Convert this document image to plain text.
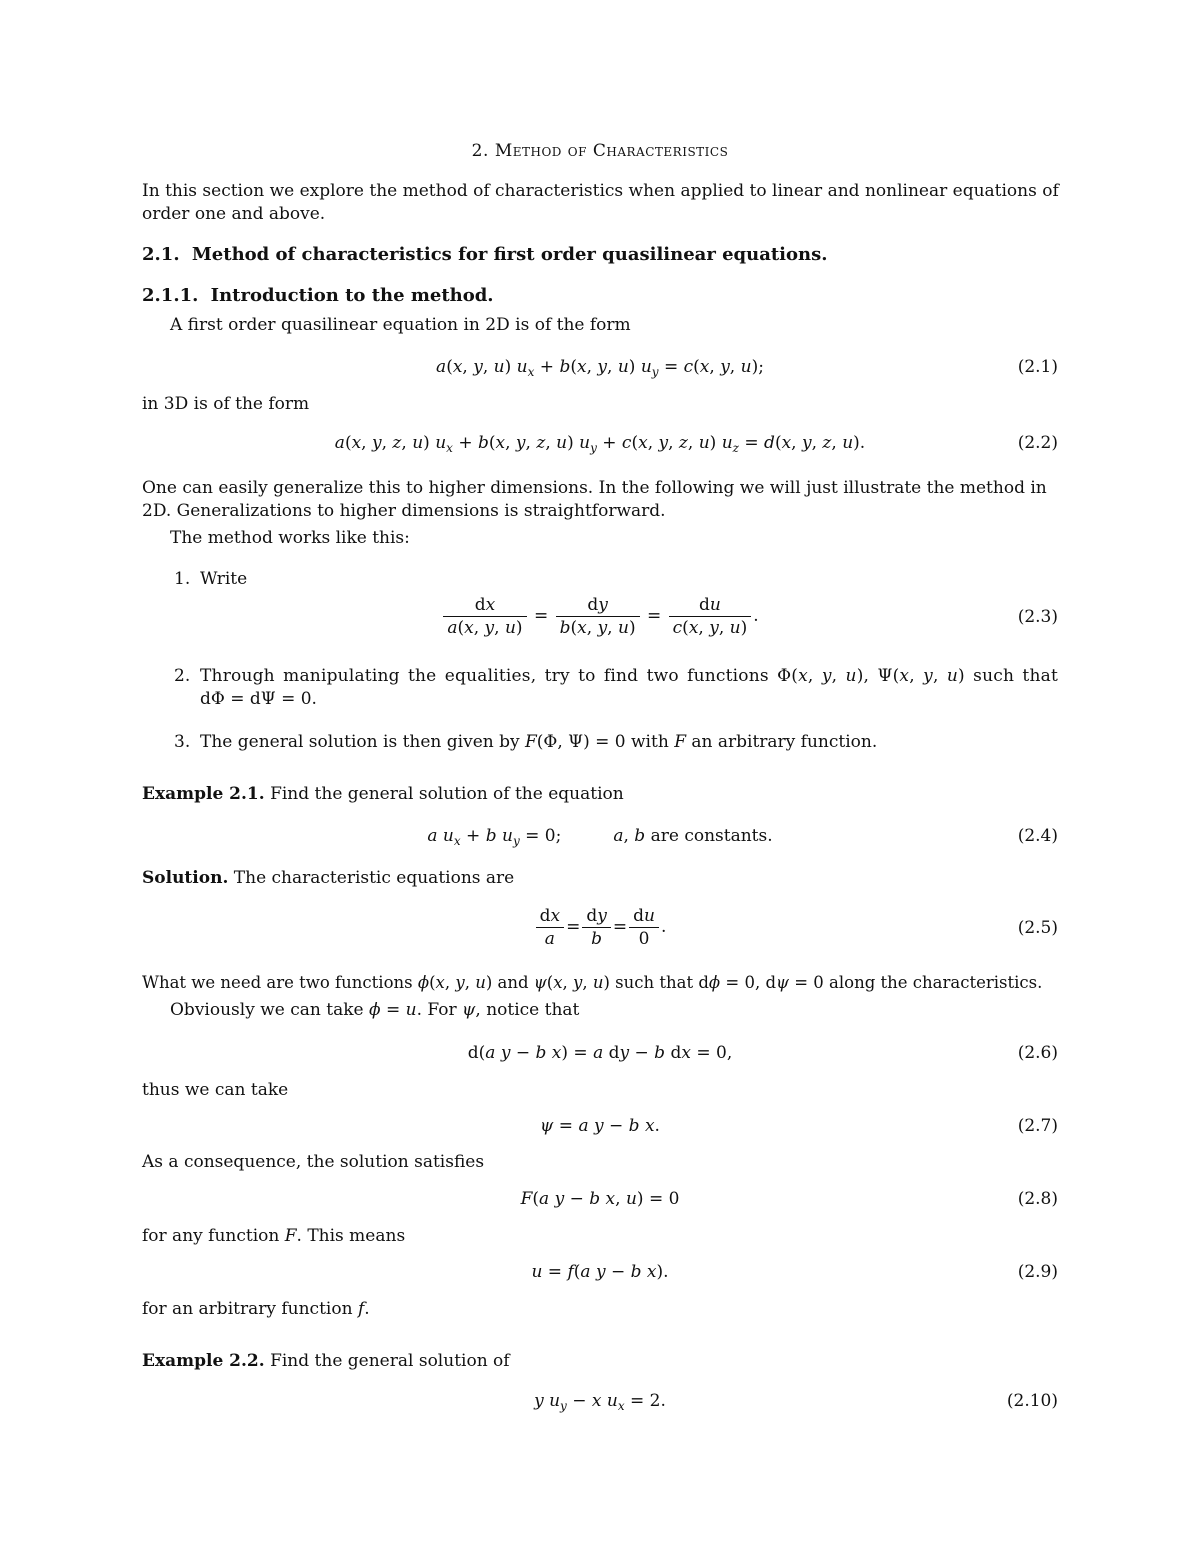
2. Method of Characteristics

In this section we explore the method of characteristics when applied to linear and nonlinear equations of order one and above.

2.1. Method of characteristics for first order quasilinear equations.

2.1.1. Introduction to the method.

A first order quasilinear equation in 2D is of the form

a(x, y, u) $u_x + b(x$, y, u) $u_y = c(x$, y, u);	(2.1)

in 3D is of the form

a(x, y, z, u) $u_x + b(x$, y, z, u) $u_y + c(x$, y, z, u) $u_z = d(x$, y, z, u).	(2.2)

One can easily generalize this to higher dimensions. In the following we will just illustrate the method in 2D. Generalizations to higher dimensions is straightforward.

The method works like this:

1. Write
$\frac{dx}{a(x, y, u)} = \frac{dy}{b(x, y, u)} = \frac{du}{c(x, y, u)}$ .	(2.3)
2. Through manipulating the equalities, try to find two functions Φ(x, y, u), Ψ(x, y, u) such that
dΦ = dΨ = 0.
3. The general solution is then given by F(Φ, Ψ) = 0 with F an arbitrary function.

Example 2.1. Find the general solution of the equation

a $u_x + b$ $u_y = 0$;	a, b are constants.	(2.4)

Solution. The characteristic equations are

$\frac{dx}{a} = \frac{dy}{b} = \frac{du}{0}$ .	(2.5)

What we need are two functions ϕ(x, y, u) and ψ(x, y, u) such that dϕ = 0, dψ = 0 along the characteristics.

Obviously we can take ϕ = u. For ψ, notice that

d(a y − b x) = a dy − b dx = 0,	(2.6)

thus we can take

ψ = a y − b x.	(2.7)

As a consequence, the solution satisfies

F(a y − b x, u) = 0	(2.8)

for any function F. This means

u = f(a y − b x).	(2.9)

for an arbitrary function f.

Example 2.2. Find the general solution of

y $u_y - x$ $u_x = 2$.	(2.10)
